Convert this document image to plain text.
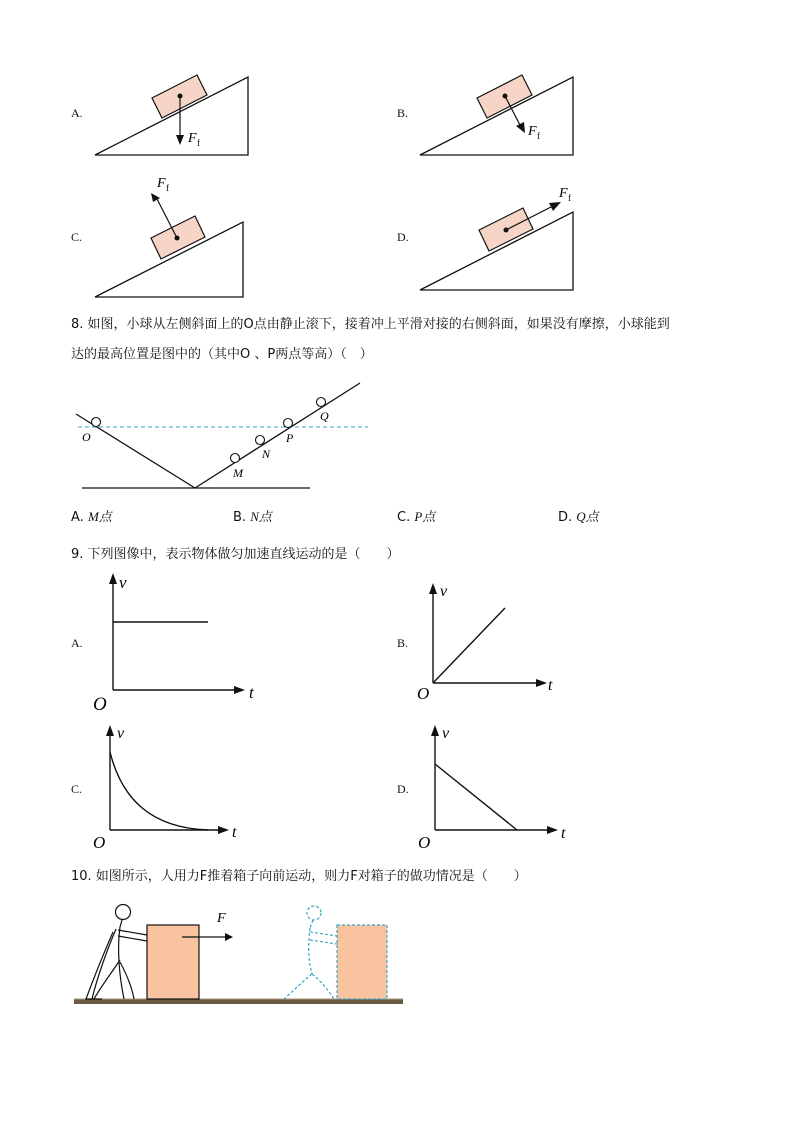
A.
F f
B.
F f
C.
F f
D.
F f
8. 如图，小球从左侧斜面上的O点由静止滚下，接着冲上平滑对接的右侧斜面，如果没有摩擦，小球能到
达的最高位置是图中的（其中O 、P两点等高）（　）
O
M
N
P
Q
A. M点	B. N点	C. P点	D. Q点
9. 下列图像中，表示物体做匀加速直线运动的是（　　）
A.
v
t
O
B.
v
t
O
C.
v
t
O
D.
v
t
O
10. 如图所示，人用力F推着箱子向前运动，则力F对箱子的做功情况是（　　）
F
